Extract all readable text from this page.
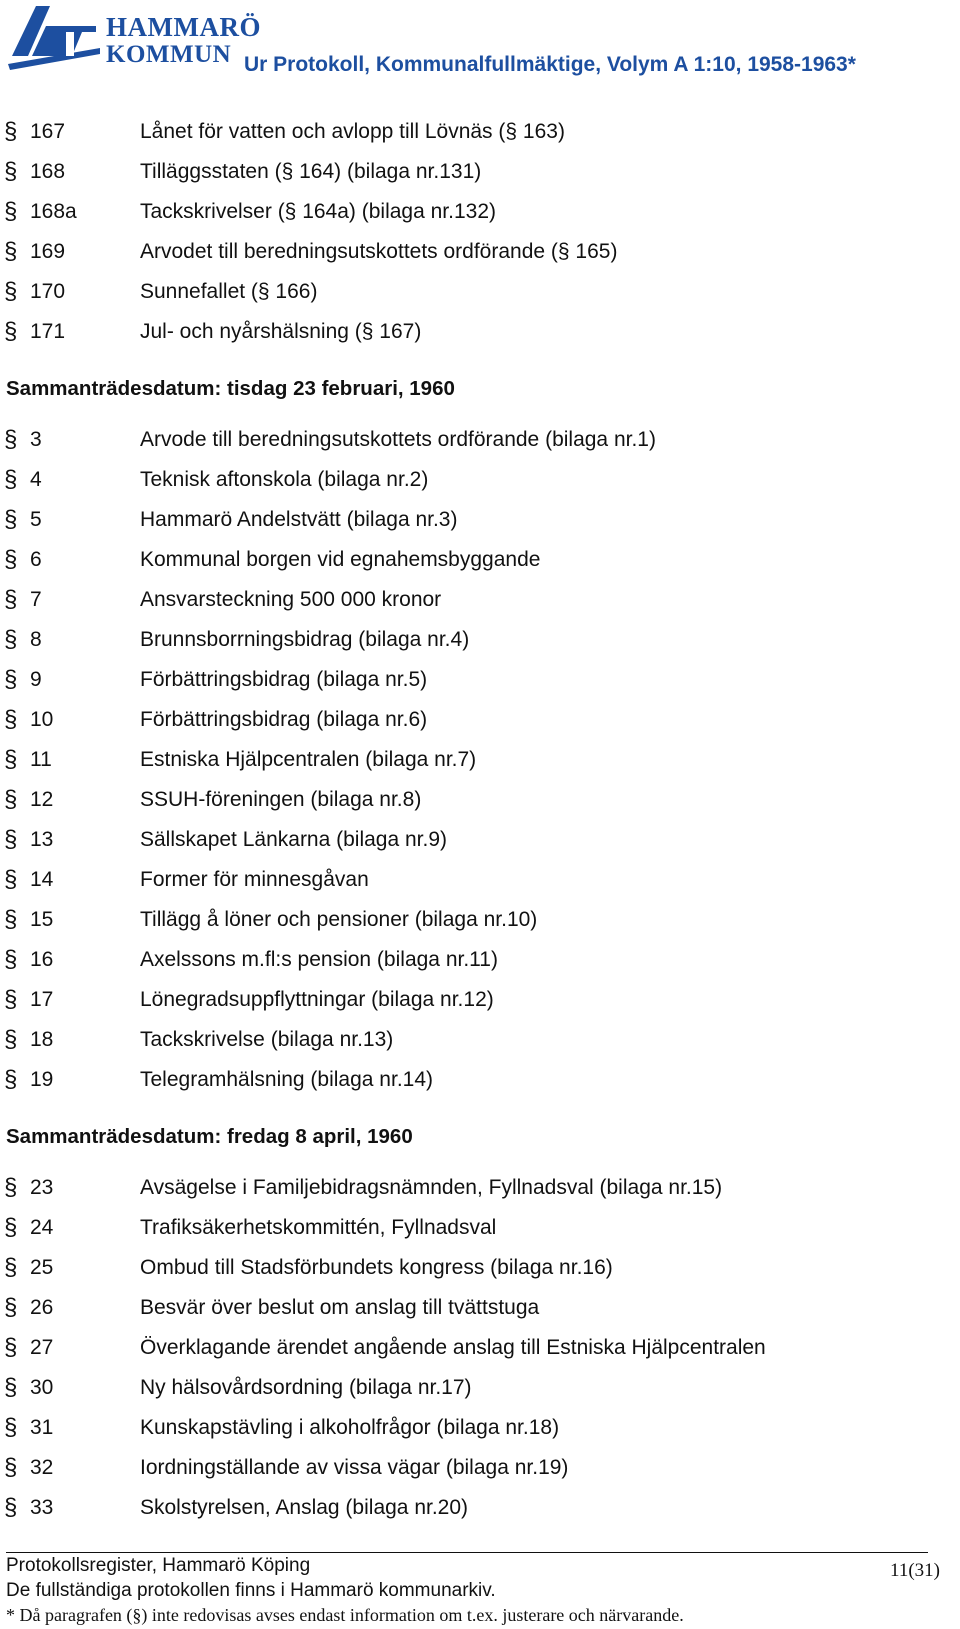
HAMMARÖ
KOMMUN Ur Protokoll, Kommunalfullmäktige, Volym A 1:10, 1958-1963*
§ 167	Lånet för vatten och avlopp till Lövnäs (§ 163)
§ 168	Tilläggsstaten (§ 164) (bilaga nr.131)
§ 168a	Tackskrivelser (§ 164a) (bilaga nr.132)
§ 169	Arvodet till beredningsutskottets ordförande (§ 165)
§ 170	Sunnefallet (§ 166)
§ 171	Jul- och nyårshälsning (§ 167)
Sammanträdesdatum: tisdag 23 februari, 1960
§ 3	Arvode till beredningsutskottets ordförande (bilaga nr.1)
§ 4	Teknisk aftonskola (bilaga nr.2)
§ 5	Hammarö Andelstvätt (bilaga nr.3)
§ 6	Kommunal borgen vid egnahemsbyggande
§ 7	Ansvarsteckning 500 000 kronor
§ 8	Brunnsborrningsbidrag (bilaga nr.4)
§ 9	Förbättringsbidrag (bilaga nr.5)
§ 10	Förbättringsbidrag (bilaga nr.6)
§ 11	Estniska Hjälpcentralen (bilaga nr.7)
§ 12	SSUH-föreningen (bilaga nr.8)
§ 13	Sällskapet Länkarna (bilaga nr.9)
§ 14	Former för minnesgåvan
§ 15	Tillägg å löner och pensioner (bilaga nr.10)
§ 16	Axelssons m.fl:s pension (bilaga nr.11)
§ 17	Lönegradsuppflyttningar (bilaga nr.12)
§ 18	Tackskrivelse (bilaga nr.13)
§ 19	Telegramhälsning (bilaga nr.14)
Sammanträdesdatum: fredag 8 april, 1960
§ 23	Avsägelse i Familjebidragsnämnden, Fyllnadsval (bilaga nr.15)
§ 24	Trafiksäkerhetskommittén, Fyllnadsval
§ 25	Ombud till Stadsförbundets kongress (bilaga nr.16)
§ 26	Besvär över beslut om anslag till tvättstuga
§ 27	Överklagande ärendet angående anslag till Estniska Hjälpcentralen
§ 30	Ny hälsovårdsordning (bilaga nr.17)
§ 31	Kunskapstävling i alkoholfrågor (bilaga nr.18)
§ 32	Iordningställande av vissa vägar (bilaga nr.19)
§ 33	Skolstyrelsen, Anslag (bilaga nr.20)
Protokollsregister, Hammarö Köping
De fullständiga protokollen finns i Hammarö kommunarkiv.
* Då paragrafen (§) inte redovisas avses endast information om t.ex. justerare och närvarande.
11(31)
